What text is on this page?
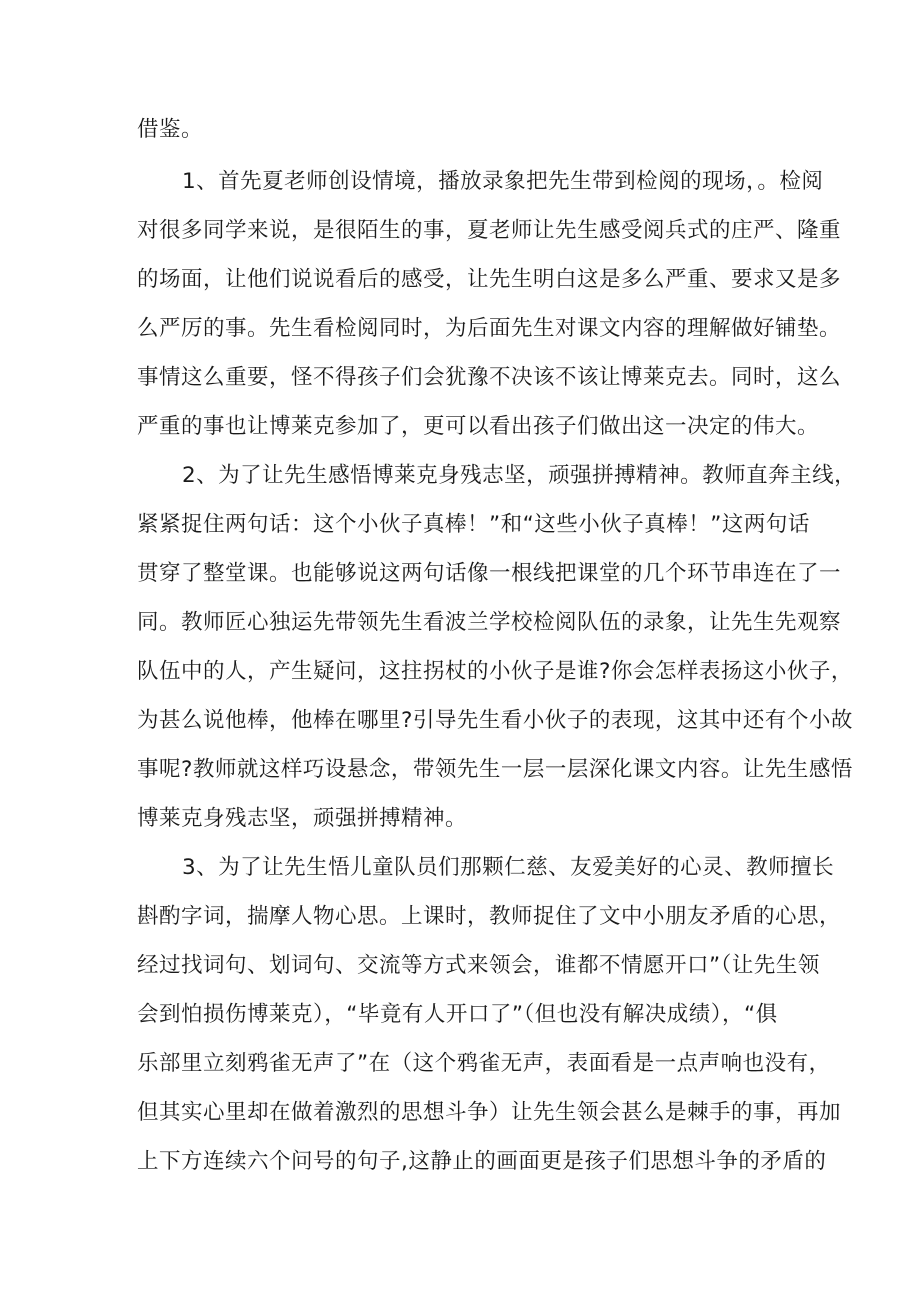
借鉴。
1、首先夏老师创设情境，播放录象把先生带到检阅的现场，。检阅
对很多同学来说，是很陌生的事，夏老师让先生感受阅兵式的庄严、隆重
的场面，让他们说说看后的感受，让先生明白这是多么严重、要求又是多
么严厉的事。先生看检阅同时，为后面先生对课文内容的理解做好铺垫。
事情这么重要，怪不得孩子们会犹豫不决该不该让博莱克去。同时，这么
严重的事也让博莱克参加了，更可以看出孩子们做出这一决定的伟大。
2、为了让先生感悟博莱克身残志坚，顽强拼搏精神。教师直奔主线，
紧紧捉住两句话：这个小伙子真棒！”和“这些小伙子真棒！”这两句话
贯穿了整堂课。也能够说这两句话像一根线把课堂的几个环节串连在了一
同。教师匠心独运先带领先生看波兰学校检阅队伍的录象，让先生先观察
队伍中的人，产生疑问，这拄拐杖的小伙子是谁?你会怎样表扬这小伙子，
为甚么说他棒，他棒在哪里?引导先生看小伙子的表现，这其中还有个小故
事呢?教师就这样巧设悬念，带领先生一层一层深化课文内容。让先生感悟
博莱克身残志坚，顽强拼搏精神。
3、为了让先生悟儿童队员们那颗仁慈、友爱美好的心灵、教师擅长
斟酌字词，揣摩人物心思。上课时，教师捉住了文中小朋友矛盾的心思，
经过找词句、划词句、交流等方式来领会，谁都不情愿开口”（让先生领
会到怕损伤博莱克），“毕竟有人开口了”（但也没有解决成绩），“俱
乐部里立刻鸦雀无声了”在（这个鸦雀无声，表面看是一点声响也没有，
但其实心里却在做着激烈的思想斗争）让先生领会甚么是棘手的事，再加
上下方连续六个问号的句子,这静止的画面更是孩子们思想斗争的矛盾的
